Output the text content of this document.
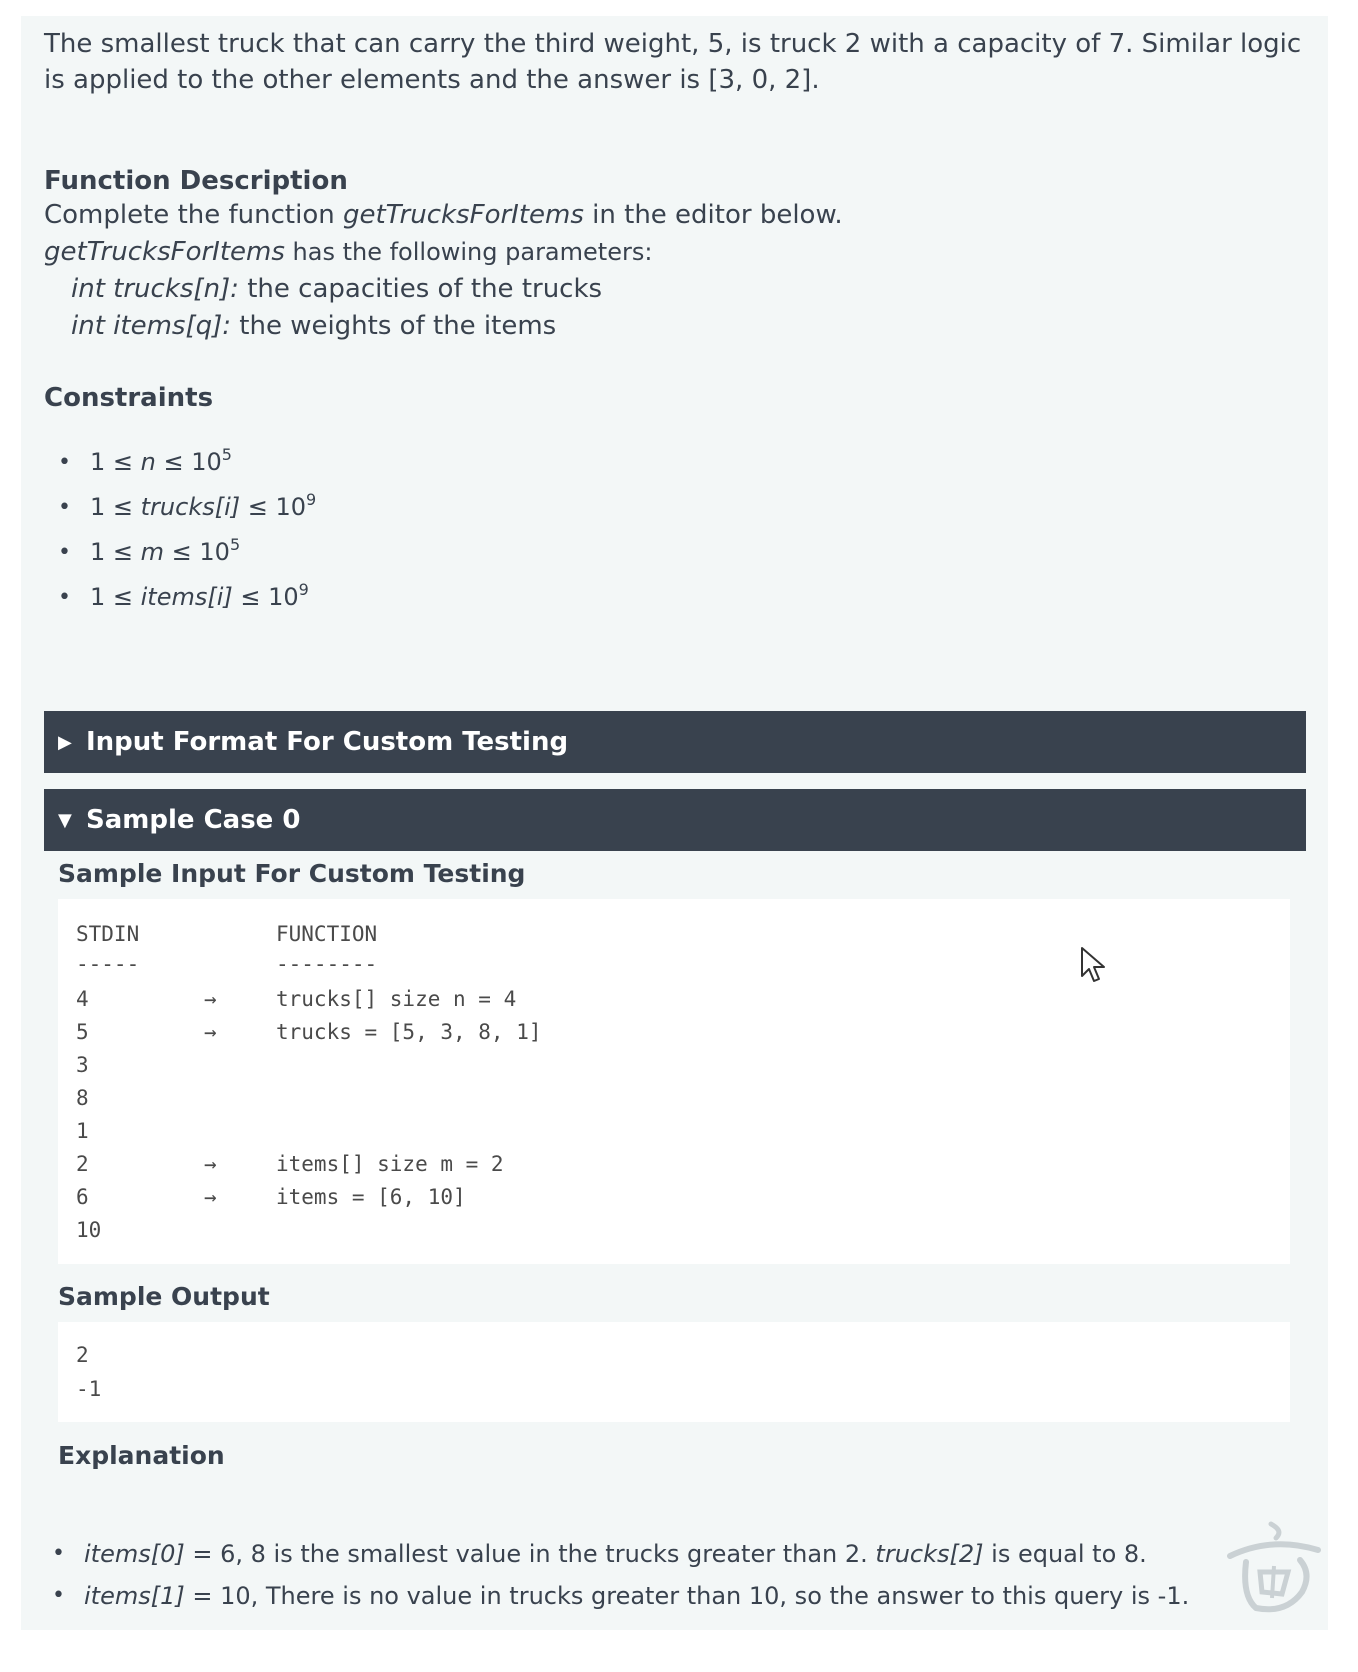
The smallest truck that can carry the third weight, 5, is truck 2 with a capacity of 7. Similar logic is applied to the other elements and the answer is [3, 0, 2].

Function Description

Complete the function getTrucksForItems in the editor below.
getTrucksForItems has the following parameters:
int trucks[n]: the capacities of the trucks
int items[q]: the weights of the items

Constraints

• $1 \le n \le 10^5$
• 1 ≤ trucks[i] ≤ $10^9$
• $1 \le m \le 10^5$
• 1 ≤ items[i] ≤ $10^9$
▶ Input Format For Custom Testing
▼ Sample Case 0

Sample Input For Custom Testing

STDIN	FUNCTION
-----	--------
4	→	trucks[] size n = 4
5	→	trucks = [5, 3, 8, 1]
3
8
1
2	→	items[] size m = 2
6	→	items = [6, 10]
10

Sample Output

2
-1

Explanation

• items[0] = 6, 8 is the smallest value in the trucks greater than 2. trucks[2] is equal to 8.
• items[1] = 10, There is no value in trucks greater than 10, so the answer to this query is -1.
